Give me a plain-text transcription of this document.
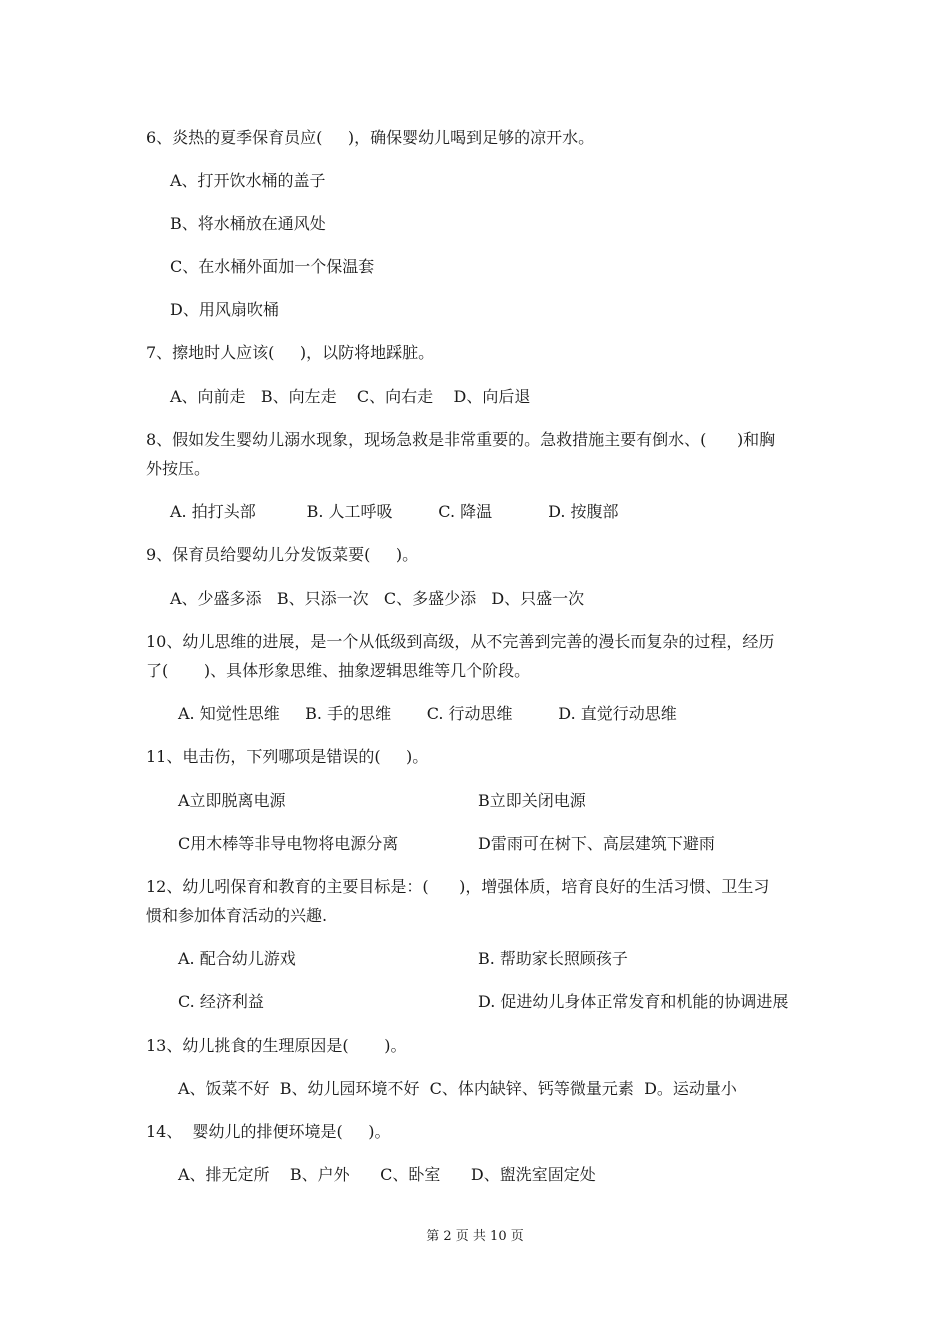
6、炎热的夏季保育员应(     )，确保婴幼儿喝到足够的凉开水。
A、打开饮水桶的盖子
B、将水桶放在通风处
C、在水桶外面加一个保温套
D、用风扇吹桶
7、擦地时人应该(     )，以防将地踩脏。
A、向前走   B、向左走    C、向右走    D、向后退
8、假如发生婴幼儿溺水现象，现场急救是非常重要的。急救措施主要有倒水、(      )和胸
外按压。
A. 拍打头部          B. 人工呼吸         C. 降温           D. 按腹部
9、保育员给婴幼儿分发饭菜要(     )。
A、少盛多添   B、只添一次   C、多盛少添   D、只盛一次
10、幼儿思维的进展，是一个从低级到高级，从不完善到完善的漫长而复杂的过程，经历
了(       )、具体形象思维、抽象逻辑思维等几个阶段。
A. 知觉性思维     B. 手的思维       C. 行动思维         D. 直觉行动思维
11、电击伤，下列哪项是错误的(     )。
A立即脱离电源	B立即关闭电源
C用木棒等非导电物将电源分离	D雷雨可在树下、高层建筑下避雨
12、幼儿吲保育和教育的主要目标是：(      )，增强体质，培育良好的生活习惯、卫生习
惯和参加体育活动的兴趣.
A. 配合幼儿游戏	B. 帮助家长照顾孩子
C. 经济利益	D. 促进幼儿身体正常发育和机能的协调进展
13、幼儿挑食的生理原因是(       )。
A、饭菜不好  B、幼儿园环境不好  C、体内缺锌、钙等微量元素  D。运动量小
14、  婴幼儿的排便环境是(     )。
A、排无定所    B、户外      C、卧室      D、盥洗室固定处
第 2 页 共 10 页
